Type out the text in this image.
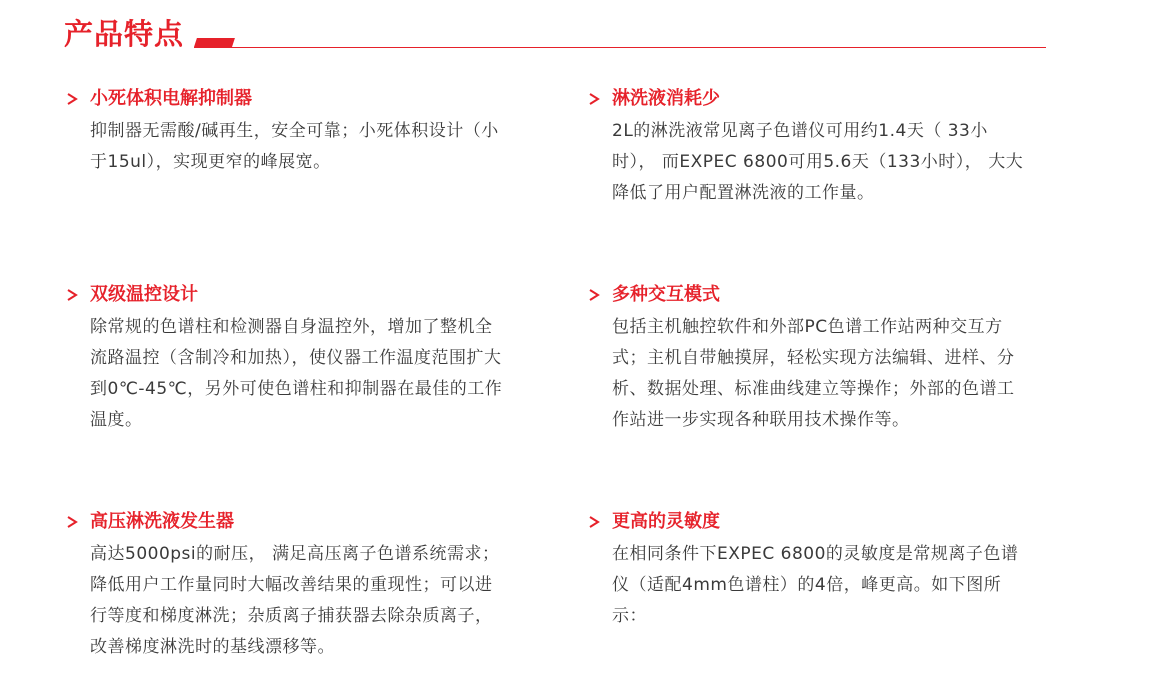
产品特点
小死体积电解抑制器
抑制器无需酸/碱再生，安全可靠；小死体积设计（小于15ul），实现更窄的峰展宽。
淋洗液消耗少
2L的淋洗液常见离子色谱仪可用约1.4天（ 33小时）， 而EXPEC 6800可用5.6天（133小时）， 大大降低了用户配置淋洗液的工作量。
双级温控设计
除常规的色谱柱和检测器自身温控外，增加了整机全流路温控（含制冷和加热），使仪器工作温度范围扩大到0℃-45℃，另外可使色谱柱和抑制器在最佳的工作温度。
多种交互模式
包括主机触控软件和外部PC色谱工作站两种交互方式；主机自带触摸屏，轻松实现方法编辑、进样、分析、数据处理、标准曲线建立等操作；外部的色谱工作站进一步实现各种联用技术操作等。
高压淋洗液发生器
高达5000psi的耐压， 满足高压离子色谱系统需求；降低用户工作量同时大幅改善结果的重现性；可以进行等度和梯度淋洗；杂质离子捕获器去除杂质离子，改善梯度淋洗时的基线漂移等。
更高的灵敏度
在相同条件下EXPEC 6800的灵敏度是常规离子色谱仪（适配4mm色谱柱）的4倍，峰更高。如下图所示：
